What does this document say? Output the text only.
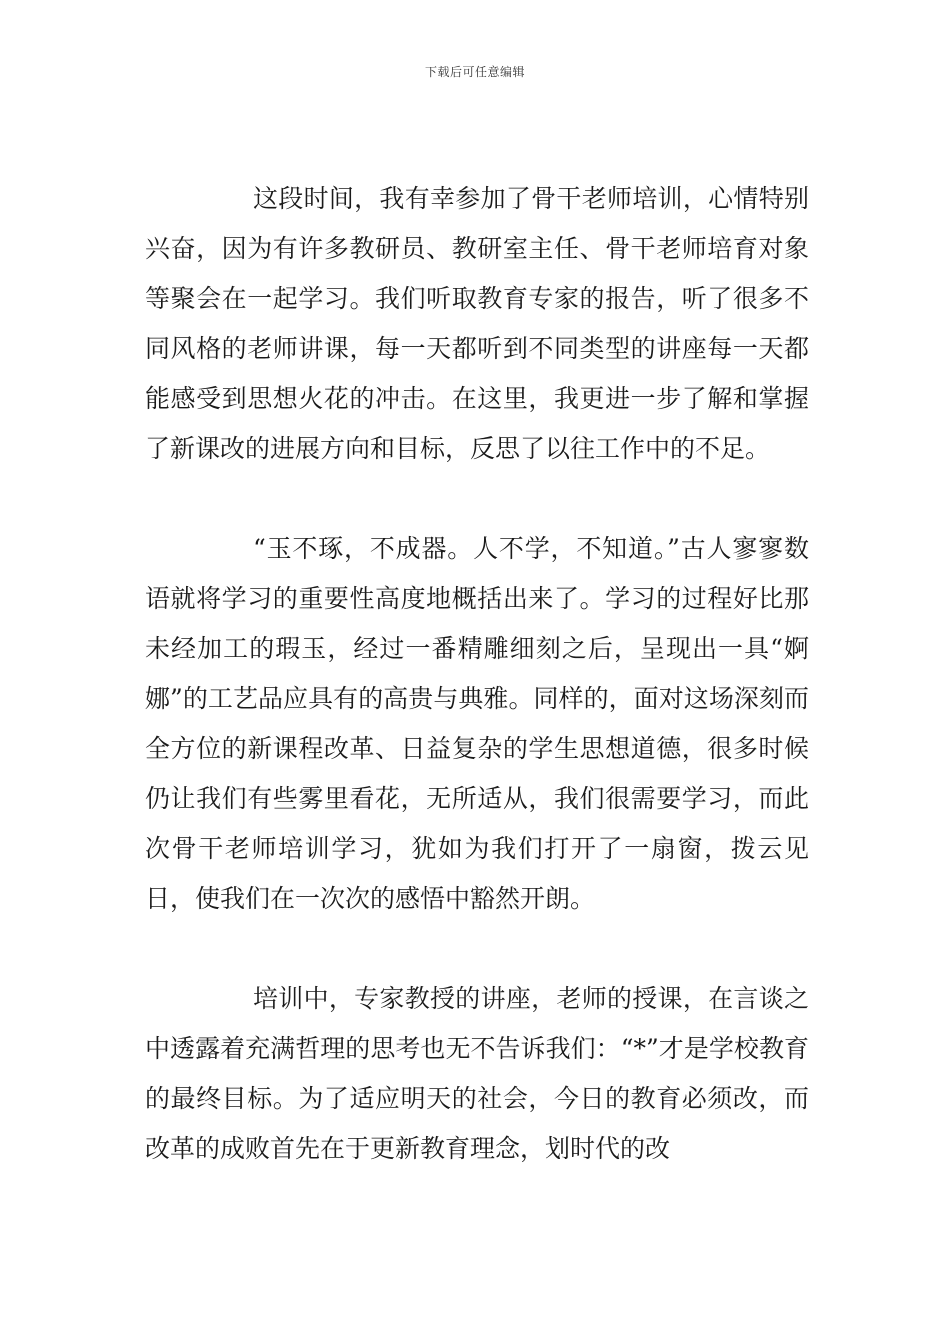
下载后可任意编辑

这段时间，我有幸参加了骨干老师培训，心情特别兴奋，因为有许多教研员、教研室主任、骨干老师培育对象等聚会在一起学习。我们听取教育专家的报告，听了很多不同风格的老师讲课，每一天都听到不同类型的讲座每一天都能感受到思想火花的冲击。在这里，我更进一步了解和掌握了新课改的进展方向和目标，反思了以往工作中的不足。

“玉不琢，不成器。人不学，不知道。”古人寥寥数语就将学习的重要性高度地概括出来了。学习的过程好比那未经加工的瑕玉，经过一番精雕细刻之后，呈现出一具“婀娜”的工艺品应具有的高贵与典雅。同样的，面对这场深刻而全方位的新课程改革、日益复杂的学生思想道德，很多时候仍让我们有些雾里看花，无所适从，我们很需要学习，而此次骨干老师培训学习，犹如为我们打开了一扇窗，拨云见日，使我们在一次次的感悟中豁然开朗。

培训中，专家教授的讲座，老师的授课，在言谈之中透露着充满哲理的思考也无不告诉我们：“*”才是学校教育的最终目标。为了适应明天的社会，今日的教育必须改，而改革的成败首先在于更新教育理念，划时代的改
